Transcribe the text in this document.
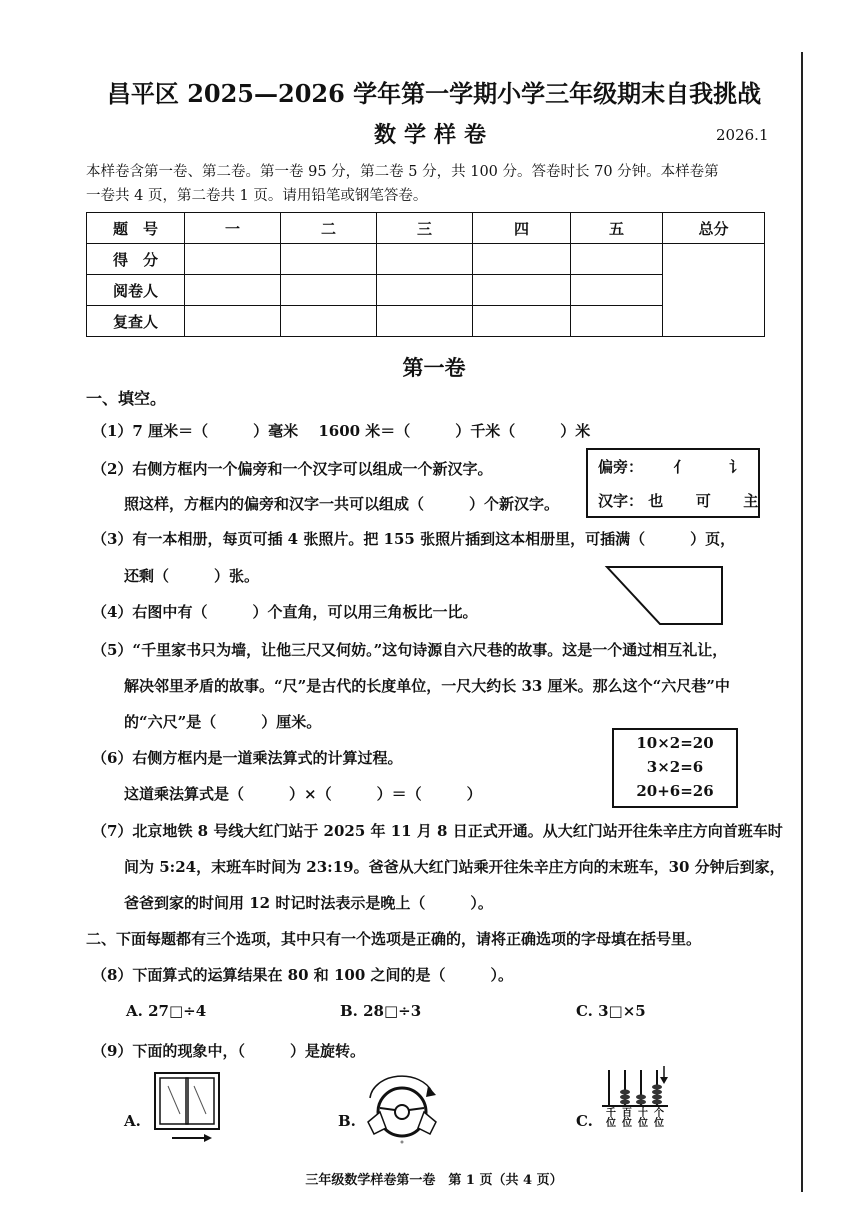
昌平区 2025—2026 学年第一学期小学三年级期末自我挑战
数学样卷	2026.1
本样卷含第一卷、第二卷。第一卷 95 分，第二卷 5 分，共 100 分。答卷时长 70 分钟。本样卷第
一卷共 4 页，第二卷共 1 页。请用铅笔或钢笔答卷。
题　号	一	二	三	四	五	总分
得　分						
阅卷人						
复查人						
第一卷
一、填空。
（1）7 厘米＝（　　　）毫米　 1600 米＝（　　　）千米（　　　）米
（2）右侧方框内一个偏旁和一个汉字可以组成一个新汉字。
照这样，方框内的偏旁和汉字一共可以组成（　　　）个新汉字。
偏旁： 亻	讠
汉字： 也 可 主
（3）有一本相册，每页可插 4 张照片。把 155 张照片插到这本相册里，可插满（　　　）页，
还剩（　　　）张。
（4）右图中有（　　　）个直角，可以用三角板比一比。
（5）“千里家书只为墙，让他三尺又何妨。”这句诗源自六尺巷的故事。这是一个通过相互礼让，
解决邻里矛盾的故事。“尺”是古代的长度单位，一尺大约长 33 厘米。那么这个“六尺巷”中
的“六尺”是（　　　）厘米。
（6）右侧方框内是一道乘法算式的计算过程。
这道乘法算式是（　　　）×（　　　）＝（　　　）
10×2=20
3×2=6
20+6=26
（7）北京地铁 8 号线大红门站于 2025 年 11 月 8 日正式开通。从大红门站开往朱辛庄方向首班车时
间为 5:24，末班车时间为 23:19。爸爸从大红门站乘开往朱辛庄方向的末班车，30 分钟后到家，
爸爸到家的时间用 12 时记时法表示是晚上（　　　）。
二、下面每题都有三个选项，其中只有一个选项是正确的，请将正确选项的字母填在括号里。
（8）下面算式的运算结果在 80 和 100 之间的是（　　　）。
A. 27□÷4	B. 28□÷3	C. 3□×5
（9）下面的现象中，（　　　）是旋转。
A.	B.	C.	千 百 十 个
位 位 位 位
三年级数学样卷第一卷　第 1 页（共 4 页）
